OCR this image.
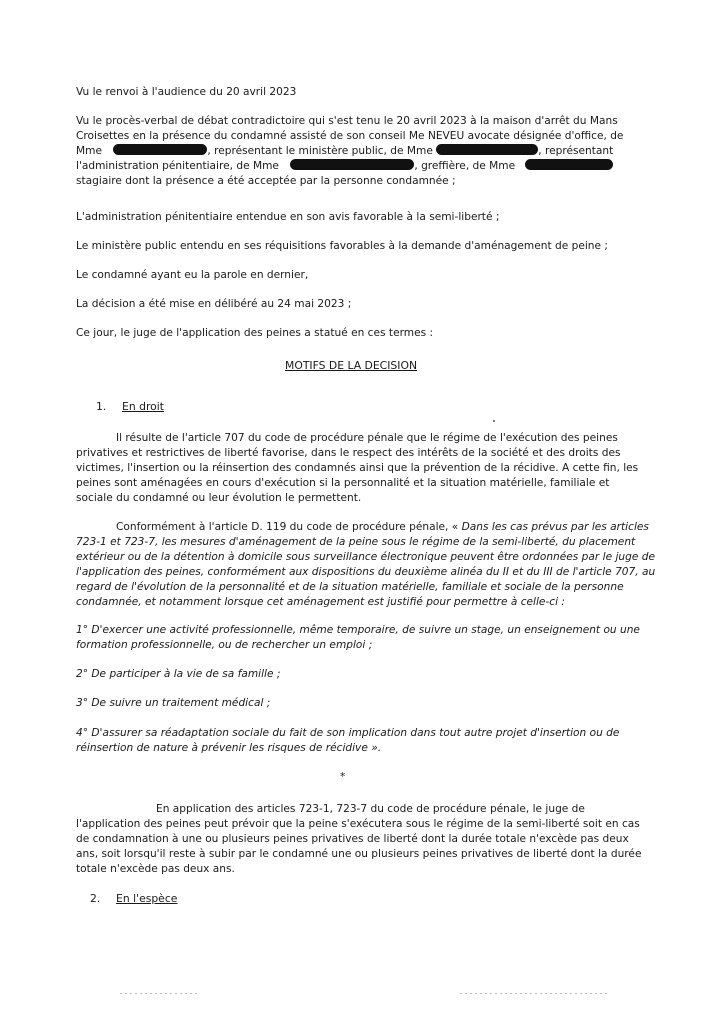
Vu le renvoi à l'audience du 20 avril 2023

Vu le procès-verbal de débat contradictoire qui s'est tenu le 20 avril 2023 à la maison d'arrêt du Mans

Croisettes en la présence du condamné assisté de son conseil Me NEVEU avocate désignée d'office, de

Mme	, représentant le ministère public, de Mme	, représentant

l'administration pénitentiaire, de Mme	, greffière, de Mme

stagiaire dont la présence a été acceptée par la personne condamnée ;

L'administration pénitentiaire entendue en son avis favorable à la semi-liberté ;

Le ministère public entendu en ses réquisitions favorables à la demande d'aménagement de peine ;

Le condamné ayant eu la parole en dernier,

La décision a été mise en délibéré au 24 mai 2023 ;

Ce jour, le juge de l'application des peines a statué en ces termes :

MOTIFS DE LA DECISION

1. En droit

Il résulte de l'article 707 du code de procédure pénale que le régime de l'exécution des peines

privatives et restrictives de liberté favorise, dans le respect des intérêts de la société et des droits des

victimes, l'insertion ou la réinsertion des condamnés ainsi que la prévention de la récidive. A cette fin, les

peines sont aménagées en cours d'exécution si la personnalité et la situation matérielle, familiale et

sociale du condamné ou leur évolution le permettent.

Conformément à l'article D. 119 du code de procédure pénale, « Dans les cas prévus par les articles

723-1 et 723-7, les mesures d'aménagement de la peine sous le régime de la semi-liberté, du placement

extérieur ou de la détention à domicile sous surveillance électronique peuvent être ordonnées par le juge de

l'application des peines, conformément aux dispositions du deuxième alinéa du II et du III de l'article 707, au

regard de l'évolution de la personnalité et de la situation matérielle, familiale et sociale de la personne

condamnée, et notamment lorsque cet aménagement est justifié pour permettre à celle-ci :

1° D'exercer une activité professionnelle, même temporaire, de suivre un stage, un enseignement ou une

formation professionnelle, ou de rechercher un emploi ;

2° De participer à la vie de sa famille ;

3° De suivre un traitement médical ;

4° D'assurer sa réadaptation sociale du fait de son implication dans tout autre projet d'insertion ou de

réinsertion de nature à prévenir les risques de récidive ».

*

En application des articles 723-1, 723-7 du code de procédure pénale, le juge de

l'application des peines peut prévoir que la peine s'exécutera sous le régime de la semi-liberté soit en cas

de condamnation à une ou plusieurs peines privatives de liberté dont la durée totale n'excède pas deux

ans, soit lorsqu'il reste à subir par le condamné une ou plusieurs peines privatives de liberté dont la durée

totale n'excède pas deux ans.

2. En l'espèce
